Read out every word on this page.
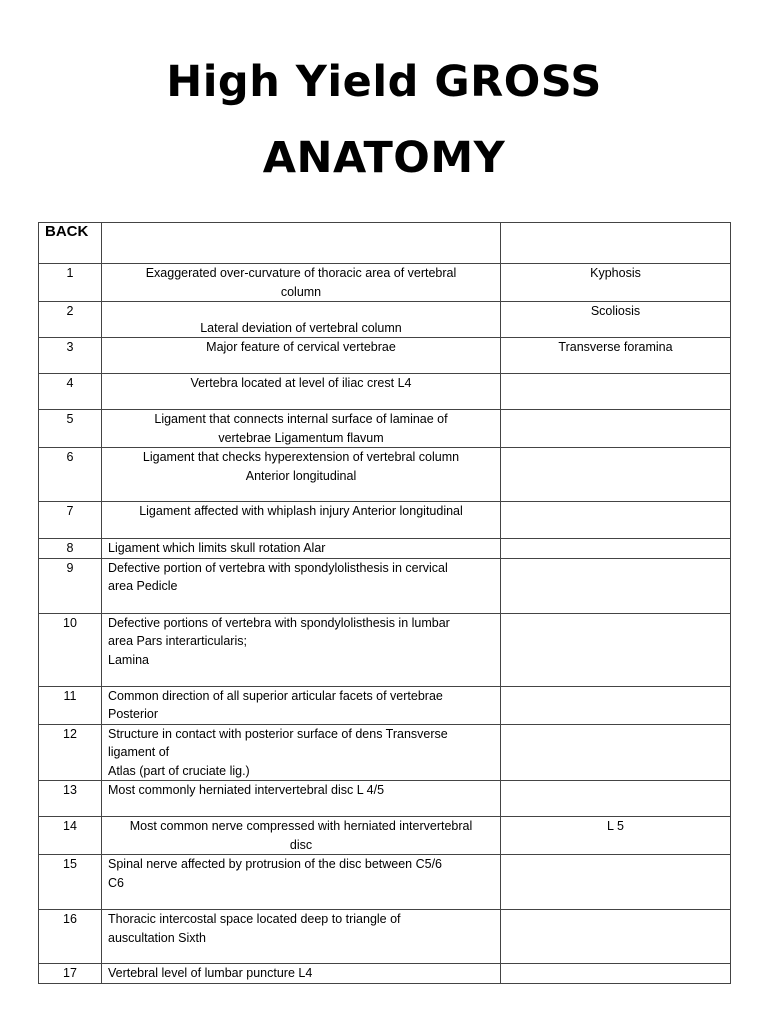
High Yield GROSS
ANATOMY
BACK		
1	Exaggerated over-curvature of thoracic area of vertebral
column	Kyphosis
2	Lateral deviation of vertebral column	Scoliosis
3	Major feature of cervical vertebrae	Transverse foramina
4	Vertebra located at level of iliac crest L4	
5	Ligament that connects internal surface of laminae of
vertebrae Ligamentum flavum	
6	Ligament that checks hyperextension of vertebral column
Anterior longitudinal	
7	Ligament affected with whiplash injury Anterior longitudinal	
8	Ligament which limits skull rotation Alar	
9	Defective portion of vertebra with spondylolisthesis in cervical
area Pedicle	
10	Defective portions of vertebra with spondylolisthesis in lumbar
area Pars interarticularis;
Lamina	
11	Common direction of all superior articular facets of vertebrae
Posterior	
12	Structure in contact with posterior surface of dens Transverse
ligament of
Atlas (part of cruciate lig.)	
13	Most commonly herniated intervertebral disc L 4/5	
14	Most common nerve compressed with herniated intervertebral
disc	L 5
15	Spinal nerve affected by protrusion of the disc between C5/6
C6	
16	Thoracic intercostal space located deep to triangle of
auscultation Sixth	
17	Vertebral level of lumbar puncture L4	
